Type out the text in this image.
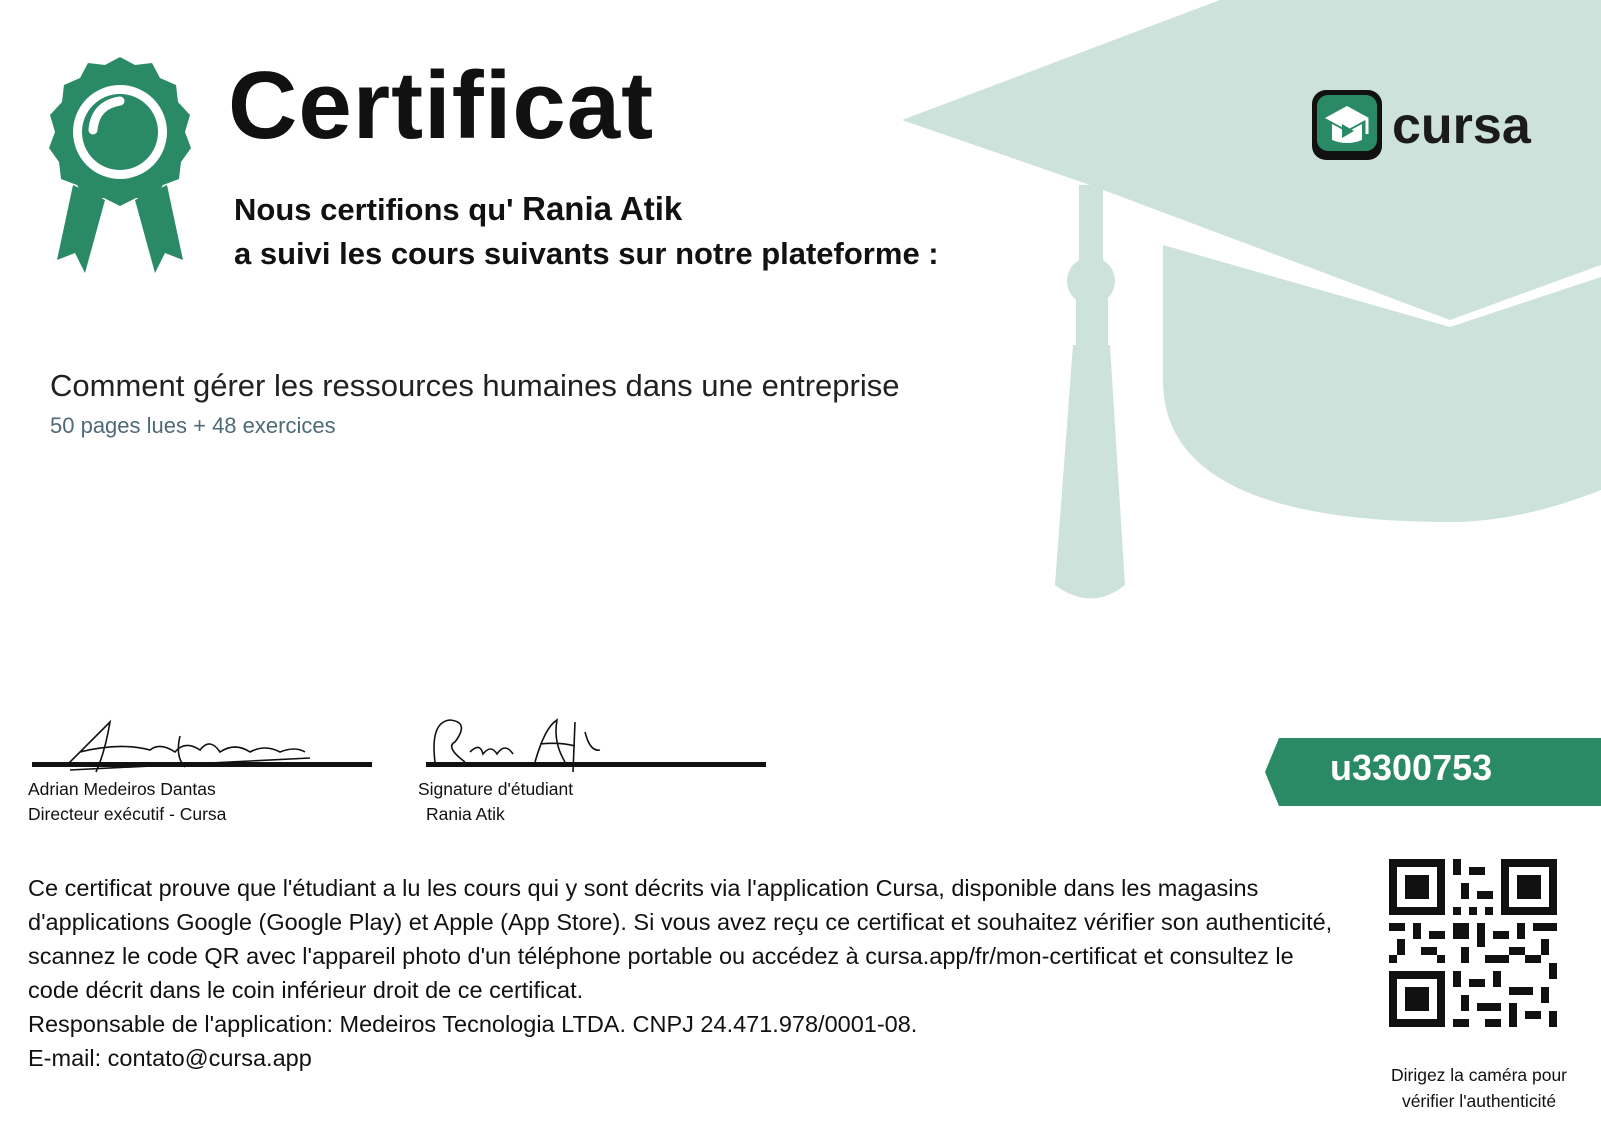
Certificat
Nous certifions qu' Rania Atik
a suivi les cours suivants sur notre plateforme :
cursa
Comment gérer les ressources humaines dans une entreprise
50 pages lues + 48 exercices
Adrian Medeiros Dantas
Directeur exécutif - Cursa
Signature d'étudiant
Rania Atik
u3300753

Ce certificat prouve que l'étudiant a lu les cours qui y sont décrits via l'application Cursa, disponible dans les magasins d'applications Google (Google Play) et Apple (App Store). Si vous avez reçu ce certificat et souhaitez vérifier son authenticité, scannez le code QR avec l'appareil photo d'un téléphone portable ou accédez à cursa.app/fr/mon-certificat et consultez le code décrit dans le coin inférieur droit de ce certificat.

Responsable de l'application: Medeiros Tecnologia LTDA. CNPJ 24.471.978/0001-08.

E-mail: contato@cursa.app

Dirigez la caméra pour
vérifier l'authenticité
